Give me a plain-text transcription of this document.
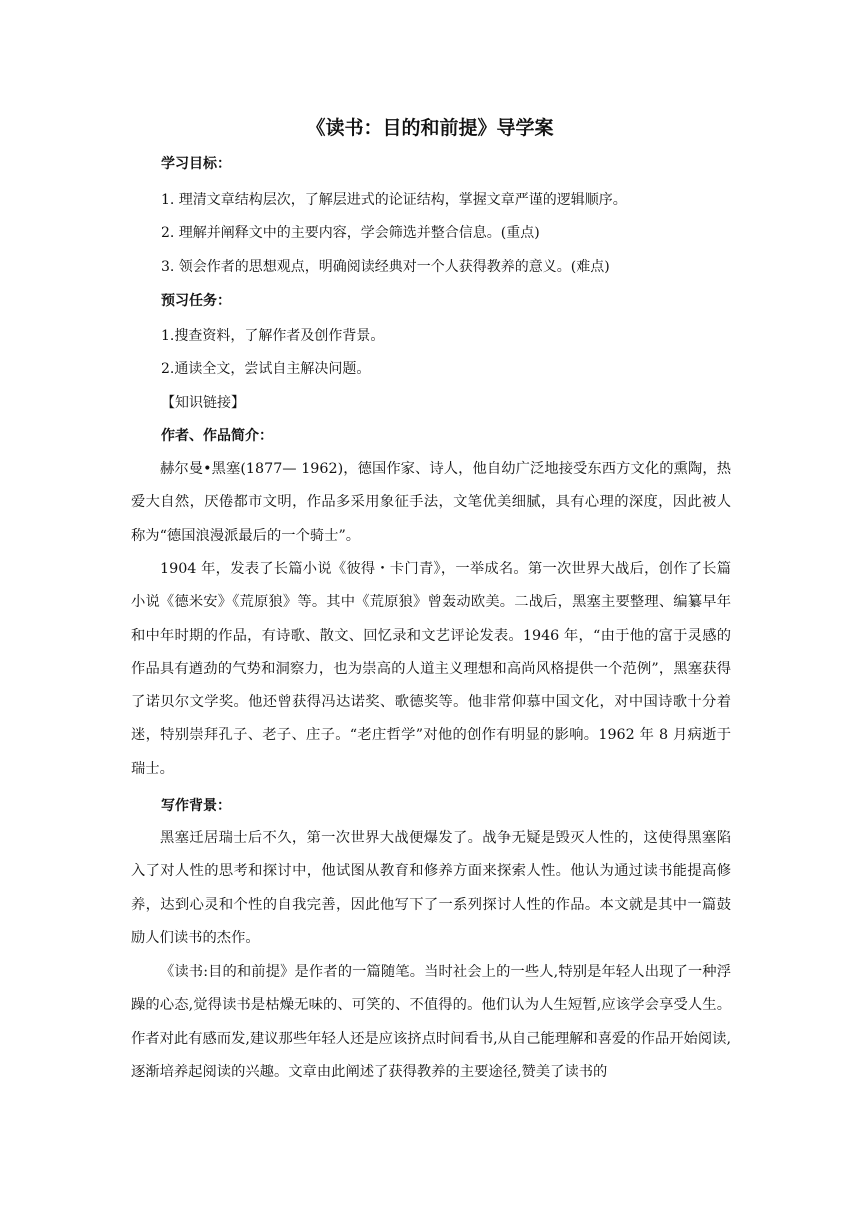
《读书：目的和前提》导学案

学习目标：

1. 理清文章结构层次，了解层进式的论证结构，掌握文章严谨的逻辑顺序。

2. 理解并阐释文中的主要内容，学会筛选并整合信息。(重点)

3. 领会作者的思想观点，明确阅读经典对一个人获得教养的意义。(难点)

预习任务：

1.搜查资料，了解作者及创作背景。

2.通读全文，尝试自主解决问题。

【知识链接】

作者、作品简介：

赫尔曼•黑塞(1877— 1962)，德国作家、诗人，他自幼广泛地接受东西方文化的熏陶，热爱大自然，厌倦都市文明，作品多采用象征手法，文笔优美细腻，具有心理的深度，因此被人称为“德国浪漫派最后的一个骑士”。

1904 年，发表了长篇小说《彼得・卡门青》，一举成名。第一次世界大战后，创作了长篇小说《德米安》《荒原狼》等。其中《荒原狼》曾轰动欧美。二战后，黑塞主要整理、编纂早年和中年时期的作品，有诗歌、散文、回忆录和文艺评论发表。1946 年，“由于他的富于灵感的作品具有遒劲的气势和洞察力，也为崇高的人道主义理想和高尚风格提供一个范例”，黑塞获得了诺贝尔文学奖。他还曾获得冯达诺奖、歌德奖等。他非常仰慕中国文化，对中国诗歌十分着迷，特别崇拜孔子、老子、庄子。“老庄哲学”对他的创作有明显的影响。1962 年 8 月病逝于瑞士。

写作背景：

黑塞迁居瑞士后不久，第一次世界大战便爆发了。战争无疑是毁灭人性的，这使得黑塞陷入了对人性的思考和探讨中，他试图从教育和修养方面来探索人性。他认为通过读书能提高修养，达到心灵和个性的自我完善，因此他写下了一系列探讨人性的作品。本文就是其中一篇鼓励人们读书的杰作。

《读书:目的和前提》是作者的一篇随笔。当时社会上的一些人,特别是年轻人出现了一种浮躁的心态,觉得读书是枯燥无味的、可笑的、不值得的。他们认为人生短暂,应该学会享受人生。作者对此有感而发,建议那些年轻人还是应该挤点时间看书,从自己能理解和喜爱的作品开始阅读,逐渐培养起阅读的兴趣。文章由此阐述了获得教养的主要途径,赞美了读书的
